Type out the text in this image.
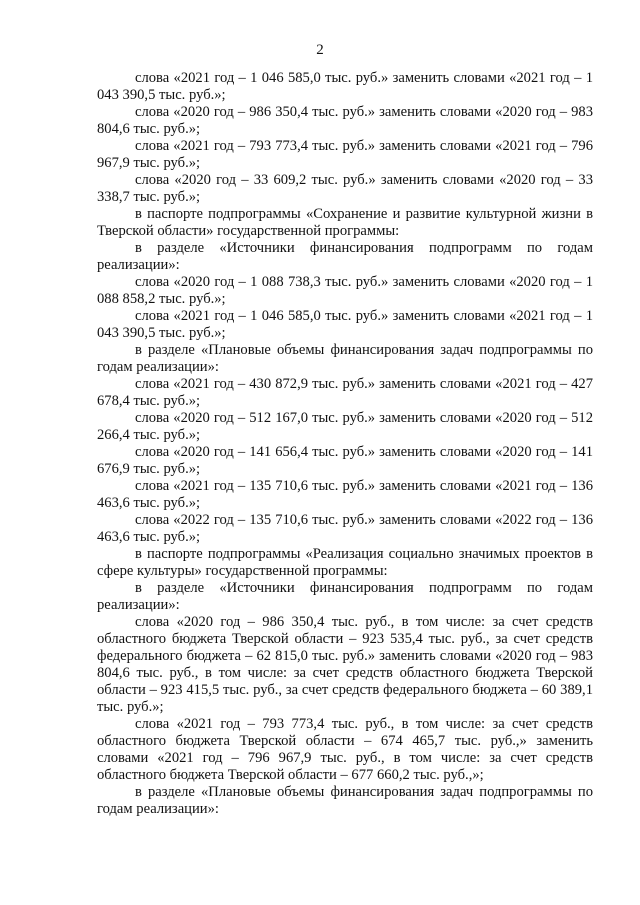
2

слова «2021 год – 1 046 585,0 тыс. руб.» заменить словами «2021 год – 1 043 390,5 тыс. руб.»;

слова «2020 год – 986 350,4 тыс. руб.» заменить словами «2020 год – 983 804,6 тыс. руб.»;

слова «2021 год – 793 773,4 тыс. руб.» заменить словами «2021 год – 796 967,9 тыс. руб.»;

слова «2020 год – 33 609,2 тыс. руб.» заменить словами «2020 год – 33 338,7 тыс. руб.»;

в паспорте подпрограммы «Сохранение и развитие культурной жизни в Тверской области» государственной программы:

в разделе «Источники финансирования подпрограмм по годам реализации»:

слова «2020 год – 1 088 738,3 тыс. руб.» заменить словами «2020 год – 1 088 858,2 тыс. руб.»;

слова «2021 год – 1 046 585,0 тыс. руб.» заменить словами «2021 год – 1 043 390,5 тыс. руб.»;

в разделе «Плановые объемы финансирования задач подпрограммы по годам реализации»:

слова «2021 год – 430 872,9 тыс. руб.» заменить словами «2021 год – 427 678,4 тыс. руб.»;

слова «2020 год – 512 167,0 тыс. руб.» заменить словами «2020 год – 512 266,4 тыс. руб.»;

слова «2020 год – 141 656,4 тыс. руб.» заменить словами «2020 год – 141 676,9 тыс. руб.»;

слова «2021 год – 135 710,6 тыс. руб.» заменить словами «2021 год – 136 463,6 тыс. руб.»;

слова «2022 год – 135 710,6 тыс. руб.» заменить словами «2022 год – 136 463,6 тыс. руб.»;

в паспорте подпрограммы «Реализация социально значимых проектов в сфере культуры» государственной программы:

в разделе «Источники финансирования подпрограмм по годам реализации»:

слова «2020 год – 986 350,4 тыс. руб., в том числе: за счет средств областного бюджета Тверской области – 923 535,4 тыс. руб., за счет средств федерального бюджета – 62 815,0 тыс. руб.» заменить словами «2020 год – 983 804,6 тыс. руб., в том числе: за счет средств областного бюджета Тверской области – 923 415,5 тыс. руб., за счет средств федерального бюджета – 60 389,1 тыс. руб.»;

слова «2021 год – 793 773,4 тыс. руб., в том числе: за счет средств областного бюджета Тверской области – 674 465,7 тыс. руб.,» заменить словами «2021 год – 796 967,9 тыс. руб., в том числе: за счет средств областного бюджета Тверской области – 677 660,2 тыс. руб.,»;

в разделе «Плановые объемы финансирования задач подпрограммы по годам реализации»:
